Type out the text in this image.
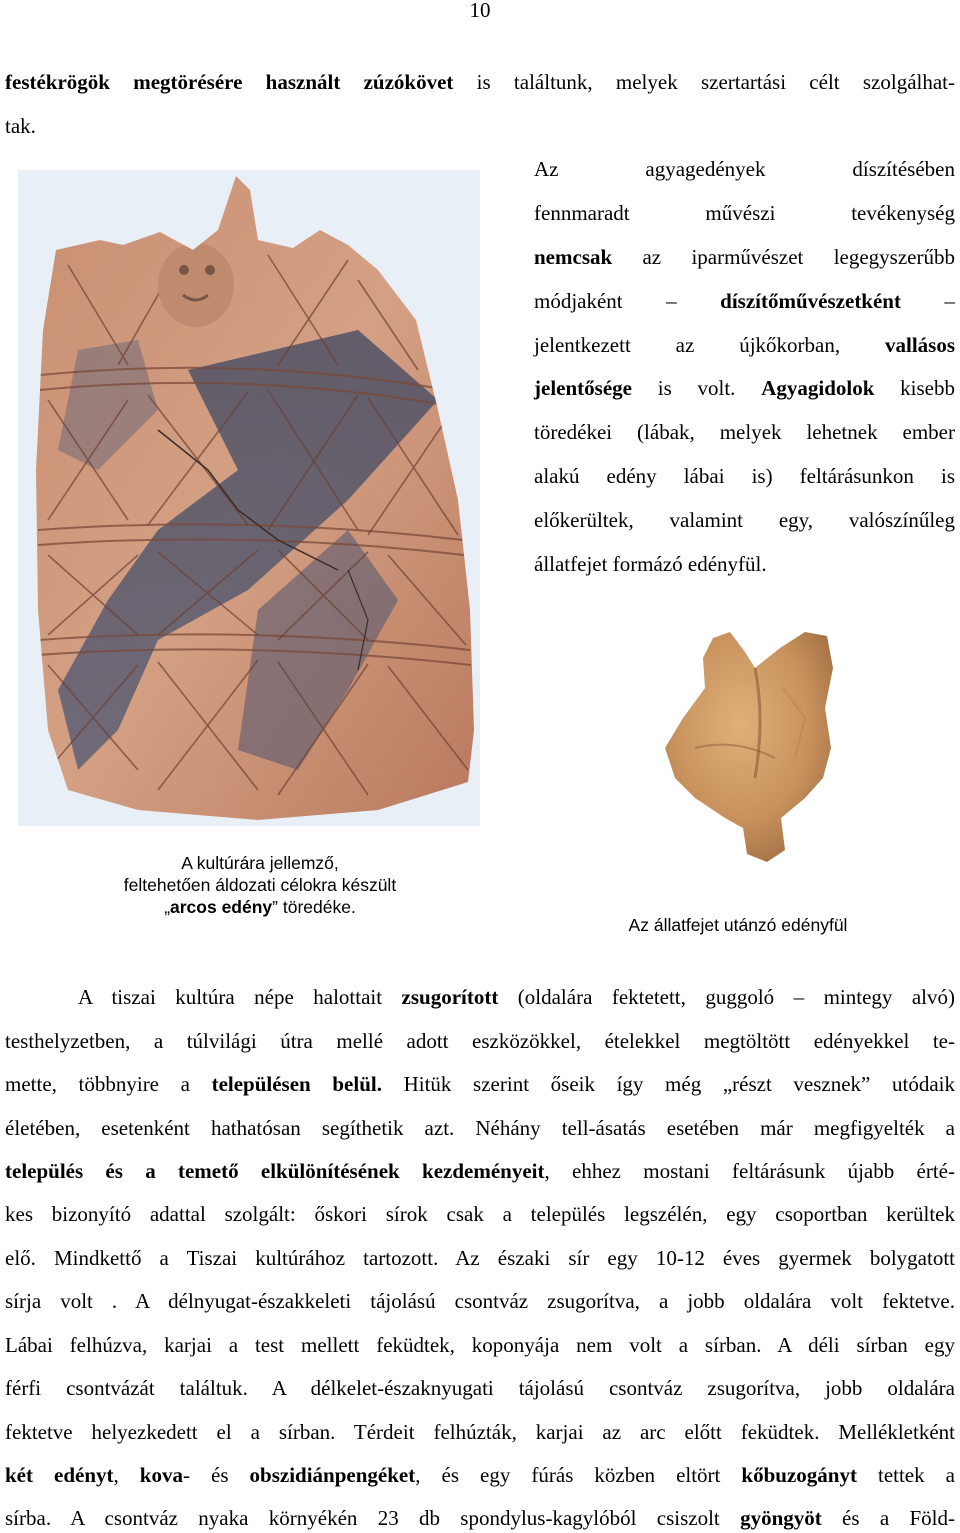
10
festékrögök megtörésére használt zúzókövet is találtunk, melyek szertartási célt szolgálhat-
tak.
Az agyagedények díszítésében
fennmaradt művészi tevékenység
nemcsak az iparművészet legegyszerűbb
módjaként – díszítőművészetként –
jelentkezett az újkőkorban, vallásos
jelentősége is volt. Agyagidolok kisebb
töredékei (lábak, melyek lehetnek ember
alakú edény lábai is) feltárásunkon is
előkerültek, valamint egy, valószínűleg
állatfejet formázó edényfül.
A kultúrára jellemző,
feltehetően áldozati célokra készült
„arcos edény” töredéke.
Az állatfejet utánzó edényfül
A tiszai kultúra népe halottait zsugorított (oldalára fektetett, guggoló – mintegy alvó)
testhelyzetben, a túlvilági útra mellé adott eszközökkel, ételekkel megtöltött edényekkel te-
mette, többnyire a településen belül. Hitük szerint őseik így még „részt vesznek” utódaik
életében, esetenként hathatósan segíthetik azt. Néhány tell-ásatás esetében már megfigyelték a
település és a temető elkülönítésének kezdeményeit, ehhez mostani feltárásunk újabb érté-
kes bizonyító adattal szolgált: őskori sírok csak a település legszélén, egy csoportban kerültek
elő. Mindkettő a Tiszai kultúrához tartozott. Az északi sír egy 10-12 éves gyermek bolygatott
sírja volt . A délnyugat-északkeleti tájolású csontváz zsugorítva, a jobb oldalára volt fektetve.
Lábai felhúzva, karjai a test mellett feküdtek, koponyája nem volt a sírban. A déli sírban egy
férfi csontvázát találtuk. A délkelet-északnyugati tájolású csontváz zsugorítva, jobb oldalára
fektetve helyezkedett el a sírban. Térdeit felhúzták, karjai az arc előtt feküdtek. Mellékletként
két edényt, kova- és obszidiánpengéket, és egy fúrás közben eltört kőbuzogányt tettek a
sírba. A csontváz nyaka környékén 23 db spondylus-kagylóból csiszolt gyöngyöt és a Föld-
